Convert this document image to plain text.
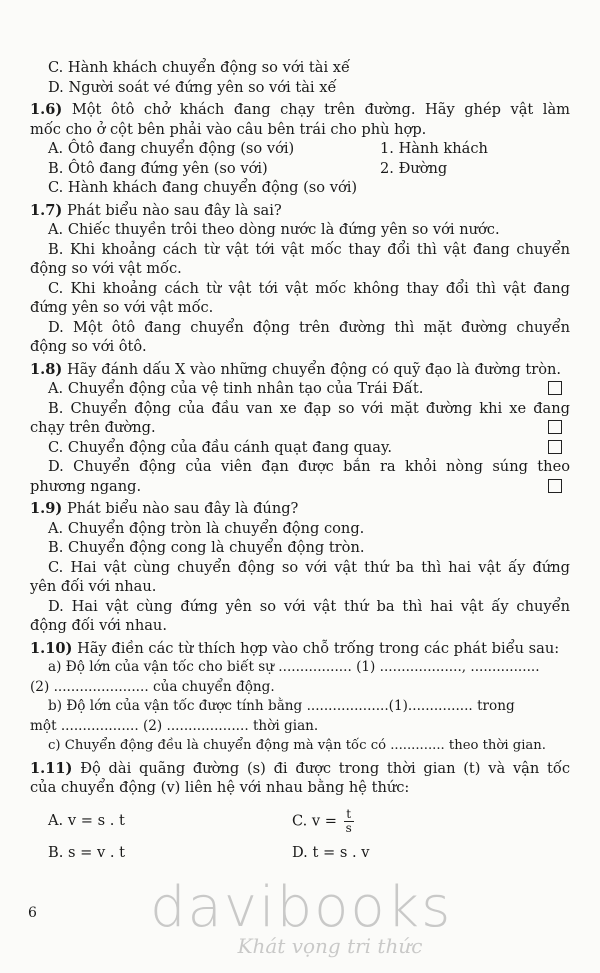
C. Hành khách chuyển động so với tài xế
D. Người soát vé đứng yên so với tài xế
1.6) Một ôtô chở khách đang chạy trên đường. Hãy ghép vật làm
mốc cho ở cột bên phải vào câu bên trái cho phù hợp.
A. Ôtô đang chuyển động (so với)	1. Hành khách
B. Ôtô đang đứng yên (so với)	2. Đường
C. Hành khách đang chuyển động (so với)
1.7) Phát biểu nào sau đây là sai?
A. Chiếc thuyền trôi theo dòng nước là đứng yên so với nước.
B. Khi khoảng cách từ vật tới vật mốc thay đổi thì vật đang chuyển
động so với vật mốc.
C. Khi khoảng cách từ vật tới vật mốc không thay đổi thì vật đang
đứng yên so với vật mốc.
D. Một ôtô đang chuyển động trên đường thì mặt đường chuyển
động so với ôtô.
1.8) Hãy đánh dấu X vào những chuyển động có quỹ đạo là đường tròn.
A. Chuyển động của vệ tinh nhân tạo của Trái Đất.
B. Chuyển động của đầu van xe đạp so với mặt đường khi xe đang
chạy trên đường.
C. Chuyển động của đầu cánh quạt đang quay.
D. Chuyển động của viên đạn được bắn ra khỏi nòng súng theo
phương ngang.
1.9) Phát biểu nào sau đây là đúng?
A. Chuyển động tròn là chuyển động cong.
B. Chuyển động cong là chuyển động tròn.
C. Hai vật cùng chuyển động so với vật thứ ba thì hai vật ấy đứng
yên đối với nhau.
D. Hai vật cùng đứng yên so với vật thứ ba thì hai vật ấy chuyển
động đối với nhau.
1.10) Hãy điền các từ thích hợp vào chỗ trống trong các phát biểu sau:
a) Độ lớn của vận tốc cho biết sự ................. (1) ..................., ................
(2) ...................... của chuyển động.
b) Độ lớn của vận tốc được tính bằng ...................(1)............... trong
một .................. (2) ................... thời gian.
c) Chuyển động đều là chuyển động mà vận tốc có ............. theo thời gian.
1.11) Độ dài quãng đường (s) đi được trong thời gian (t) và vận tốc
của chuyển động (v) liên hệ với nhau bằng hệ thức:
A. v = s . t	C. $v = \frac{t}{s}$
B. s = v . t	D. t = s . v
6 davibooks
Khát vọng tri thức
